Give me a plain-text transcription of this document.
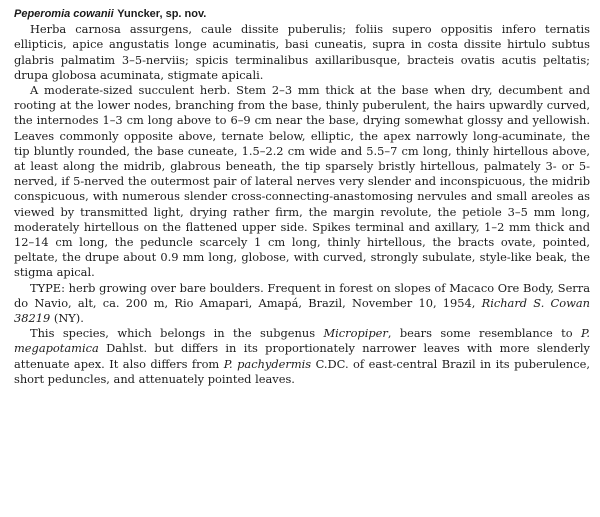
Peperomia cowanii Yuncker, sp. nov.

Herba carnosa assurgens, caule dissite puberulis; foliis supero oppositis infero ternatis ellipticis, apice angustatis longe acuminatis, basi cuneatis, supra in costa dissite hirtulo subtus glabris palmatim 3–5-nerviis; spicis terminalibus axillaribusque, bracteis ovatis acutis peltatis; drupa globosa acuminata, stigmate apicali.

A moderate-sized succulent herb. Stem 2–3 mm thick at the base when dry, decumbent and rooting at the lower nodes, branching from the base, thinly puberulent, the hairs upwardly curved, the internodes 1–3 cm long above to 6–9 cm near the base, drying somewhat glossy and yellowish. Leaves commonly opposite above, ternate below, elliptic, the apex narrowly long-acuminate, the tip bluntly rounded, the base cuneate, 1.5–2.2 cm wide and 5.5–7 cm long, thinly hirtellous above, at least along the midrib, glabrous beneath, the tip sparsely bristly hirtellous, palmately 3- or 5-nerved, if 5-nerved the outermost pair of lateral nerves very slender and inconspicuous, the midrib conspicuous, with numerous slender cross-connecting-anastomosing nervules and small areoles as viewed by transmitted light, drying rather firm, the margin revolute, the petiole 3–5 mm long, moderately hirtellous on the flattened upper side. Spikes terminal and axillary, 1–2 mm thick and 12–14 cm long, the peduncle scarcely 1 cm long, thinly hirtellous, the bracts ovate, pointed, peltate, the drupe about 0.9 mm long, globose, with curved, strongly subulate, style-like beak, the stigma apical.

TYPE: herb growing over bare boulders. Frequent in forest on slopes of Macaco Ore Body, Serra do Navio, alt, ca. 200 m, Rio Amapari, Amapá, Brazil, November 10, 1954, Richard S. Cowan 38219 (NY).

This species, which belongs in the subgenus Micropiper, bears some resemblance to P. megapotamica Dahlst. but differs in its proportionately narrower leaves with more slenderly attenuate apex. It also differs from P. pachydermis C.DC. of east-central Brazil in its puberulence, short peduncles, and attenuately pointed leaves.
